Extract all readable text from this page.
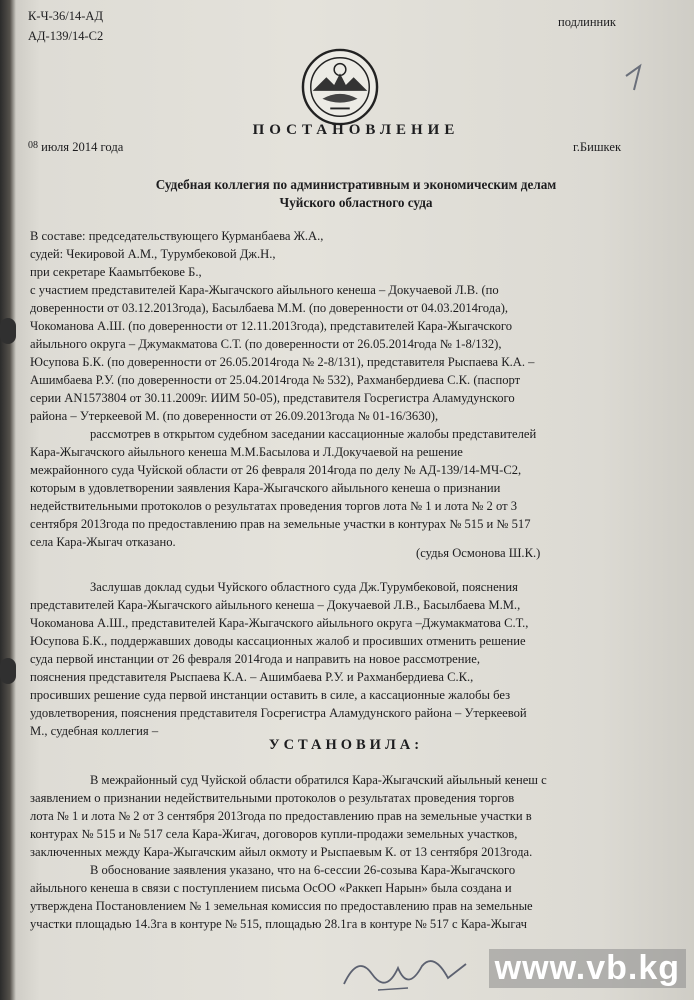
К-Ч-36/14-АД
АД-139/14-С2
подлинник
ПОСТАНОВЛЕНИЕ
$^{08}$ июля 2014 года	г.Бишкек
Судебная коллегия по административным и экономическим делам
Чуйского областного суда
В составе: председательствующего Курманбаева Ж.А.,
судей: Чекировой А.М., Турумбековой Дж.Н.,
при секретаре Каамытбекове Б.,
с участием представителей Кара-Жыгачского айыльного кенеша – Докучаевой Л.В. (по
доверенности от 03.12.2013года), Басылбаева М.М. (по доверенности от 04.03.2014года),
Чокоманова А.Ш. (по доверенности от 12.11.2013года), представителей Кара-Жыгачского
айыльного округа – Джумакматова С.Т. (по доверенности от 26.05.2014года № 1-8/132),
Юсупова Б.К. (по доверенности от 26.05.2014года № 2-8/131), представителя Рыспаева К.А. –
Ашимбаева Р.У. (по доверенности от 25.04.2014года № 532), Рахманбердиева С.К. (паспорт
серии AN1573804 от 30.11.2009г. ИИМ 50-05), представителя Госрегистра Аламудунского
района – Утеркеевой М. (по доверенности от 26.09.2013года № 01-16/3630),
рассмотрев в открытом судебном заседании кассационные жалобы представителей
Кара-Жыгачского айыльного кенеша М.М.Басылова и Л.Докучаевой на решение
межрайонного суда Чуйской области от 26 февраля 2014года по делу № АД-139/14-МЧ-С2,
которым в удовлетворении заявления Кара-Жыгачского айыльного кенеша о признании
недействительными протоколов о результатах проведения торгов лота № 1 и лота № 2 от 3
сентября 2013года по предоставлению прав на земельные участки в контурах № 515 и № 517
села Кара-Жыгач отказано.
(судья Осмонова Ш.К.)
Заслушав доклад судьи Чуйского областного суда Дж.Турумбековой, пояснения
представителей Кара-Жыгачского айыльного кенеша – Докучаевой Л.В., Басылбаева М.М.,
Чокоманова А.Ш., представителей Кара-Жыгачского айыльного округа –Джумакматова С.Т.,
Юсупова Б.К., поддержавших доводы кассационных жалоб и просивших отменить решение
суда первой инстанции от 26 февраля 2014года и направить на новое рассмотрение,
пояснения представителя Рыспаева К.А. – Ашимбаева Р.У. и Рахманбердиева С.К.,
просивших решение суда первой инстанции оставить в силе, а кассационные жалобы без
удовлетворения, пояснения представителя Госрегистра Аламудунского района – Утеркеевой
М., судебная коллегия –
УСТАНОВИЛА:
В межрайонный суд Чуйской области обратился Кара-Жыгачский айыльный кенеш с
заявлением о признании недействительными протоколов о результатах проведения торгов
лота № 1 и лота № 2 от 3 сентября 2013года по предоставлению прав на земельные участки в
контурах № 515 и № 517 села Кара-Жигач, договоров купли-продажи земельных участков,
заключенных между Кара-Жыгачским айыл окмоту и Рыспаевым К. от 13 сентября 2013года.
В обоснование заявления указано, что на 6-сессии 26-созыва Кара-Жыгачского
айыльного кенеша в связи с поступлением письма ОсОО «Раккеп Нарын» была создана и
утверждена Постановлением № 1 земельная комиссия по предоставлению прав на земельные
участки площадью 14.3га в контуре № 515, площадью 28.1га в контуре № 517 с Кара-Жыгач
www.vb.kg
